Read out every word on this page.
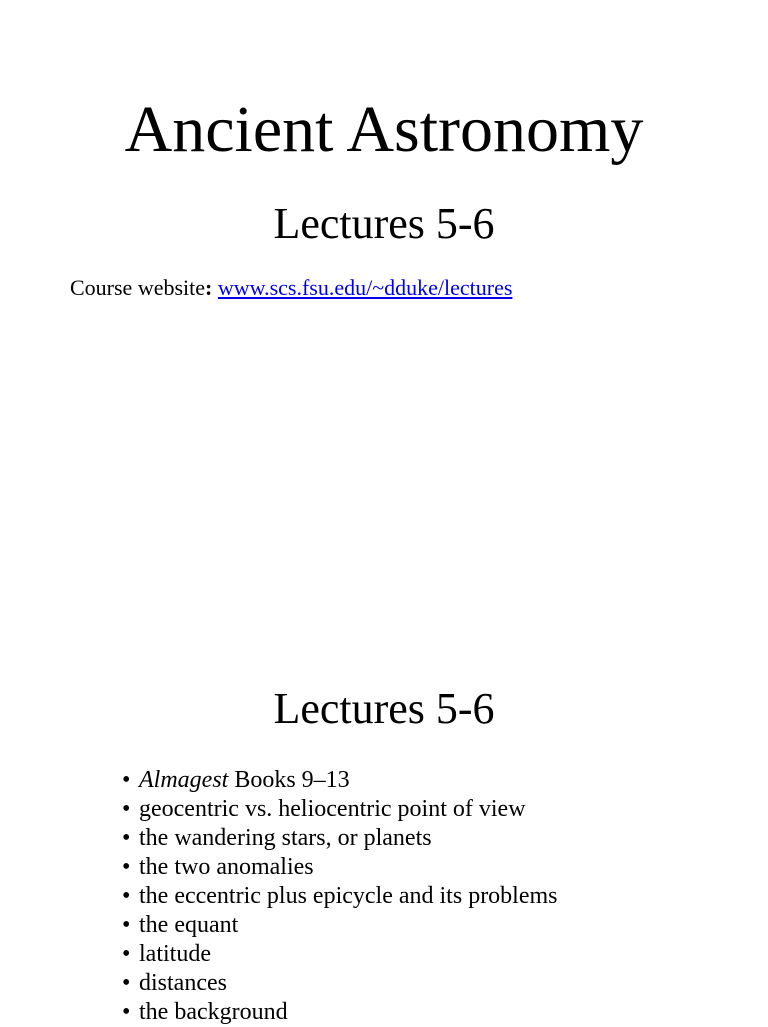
Ancient Astronomy
Lectures 5-6
Course website: www.scs.fsu.edu/~dduke/lectures
Lectures 5-6
• Almagest Books 9–13
• geocentric vs. heliocentric point of view
• the wandering stars, or planets
• the two anomalies
• the eccentric plus epicycle and its problems
• the equant
• latitude
• distances
• the background
